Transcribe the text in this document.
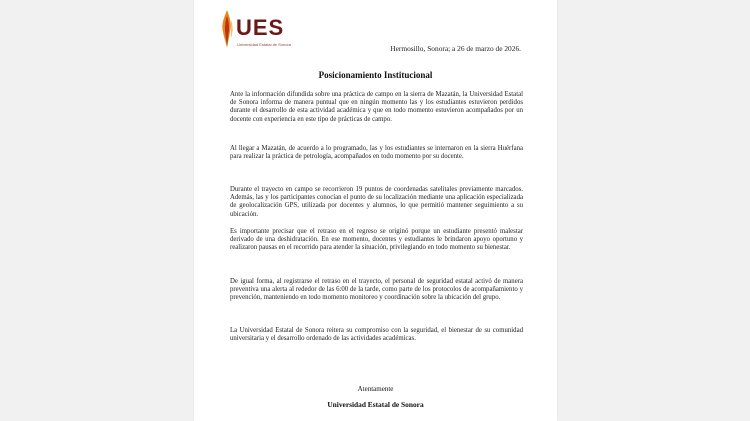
UES
Universidad Estatal de Sonora	Hermosillo, Sonora; a 26 de marzo de 2026.
Posicionamiento Institucional

Ante la información difundida sobre una práctica de campo en la sierra de Mazatán, la Universidad Estatal de Sonora informa de manera puntual que en ningún momento las y los estudiantes estuvieron perdidos durante el desarrollo de esta actividad académica y que en todo momento estuvieron acompañados por un docente con experiencia en este tipo de prácticas de campo.

Al llegar a Mazatán, de acuerdo a lo programado, las y los estudiantes se internaron en la sierra Huérfana para realizar la práctica de petrología, acompañados en todo momento por su docente.

Durante el trayecto en campo se recorrieron 19 puntos de coordenadas satelitales previamente marcados. Además, las y los participantes conocían el punto de su localización mediante una aplicación especializada de geolocalización GPS, utilizada por docentes y alumnos, lo que permitió mantener seguimiento a su ubicación.

Es importante precisar que el retraso en el regreso se originó porque un estudiante presentó malestar derivado de una deshidratación. En ese momento, docentes y estudiantes le brindaron apoyo oportuno y realizaron pausas en el recorrido para atender la situación, privilegiando en todo momento su bienestar.

De igual forma, al registrarse el retraso en el trayecto, el personal de seguridad estatal activó de manera preventiva una alerta al rededor de las 6:00 de la tarde, como parte de los protocolos de acompañamiento y prevención, manteniendo en todo momento monitoreo y coordinación sobre la ubicación del grupo.

La Universidad Estatal de Sonora reitera su compromiso con la seguridad, el bienestar de su comunidad universitaria y el desarrollo ordenado de las actividades académicas.

Atentamente
Universidad Estatal de Sonora
